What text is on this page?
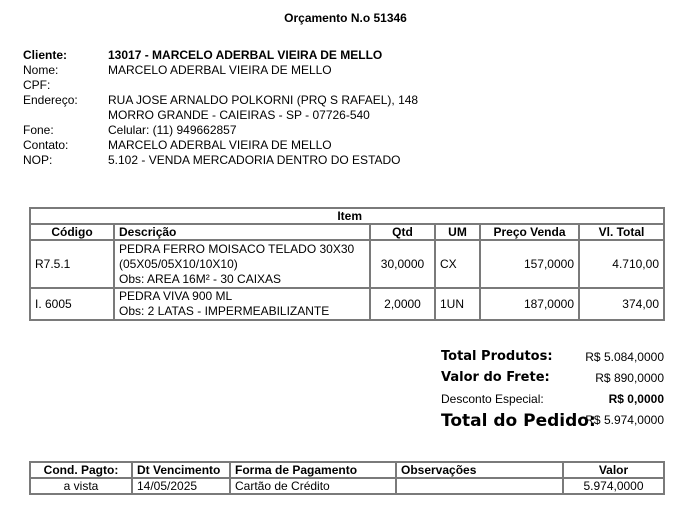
Orçamento N.o 51346
Cliente:	13017 - MARCELO ADERBAL VIEIRA DE MELLO
Nome:	MARCELO ADERBAL VIEIRA DE MELLO
CPF:	
Endereço:	RUA JOSE ARNALDO POLKORNI (PRQ S RAFAEL), 148
	MORRO GRANDE - CAIEIRAS - SP - 07726-540
Fone:	Celular: (11) 949662857
Contato:	MARCELO ADERBAL VIEIRA DE MELLO
NOP:	5.102 - VENDA MERCADORIA DENTRO DO ESTADO
Item					
Código	Descrição	Qtd	UM	Preço Venda	Vl. Total
R7.5.1	PEDRA FERRO MOISACO TELADO 30X30
(05X05/05X10/10X10)
Obs: AREA 16M² - 30 CAIXAS	30,0000	CX	157,0000	4.710,00
I. 6005	PEDRA VIVA 900 ML
Obs: 2 LATAS - IMPERMEABILIZANTE	2,0000	1UN	187,0000	374,00
Total Produtos:	R$ 5.084,0000
Valor do Frete:	R$ 890,0000
Desconto Especial:	R$ 0,0000
Total do Pedido:
R$ 5.974,0000
Cond. Pagto:	Dt Vencimento	Forma de Pagamento	Observações	Valor
a vista	14/05/2025	Cartão de Crédito		5.974,0000
